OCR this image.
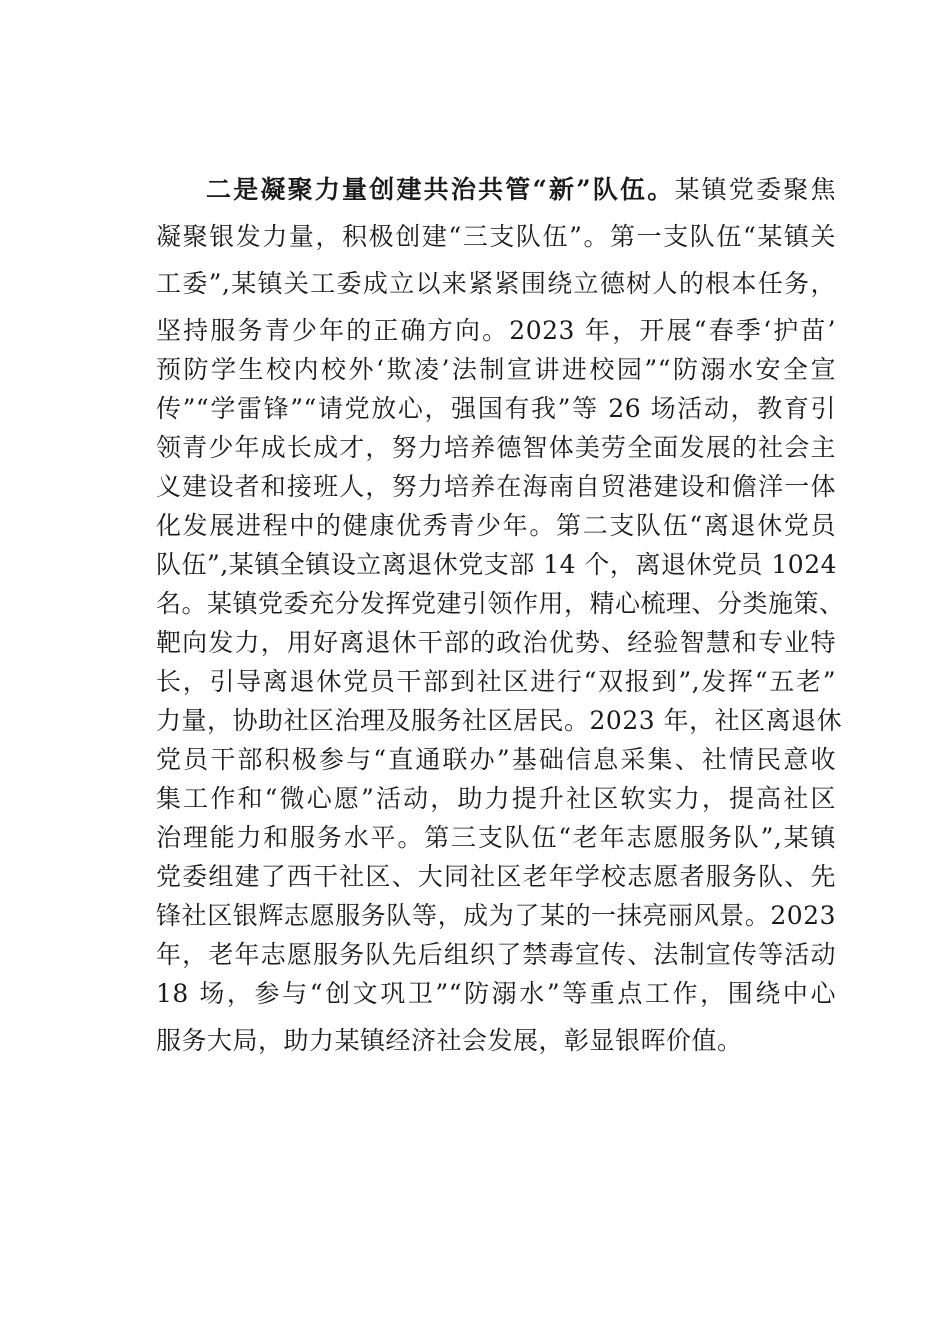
二是凝聚力量创建共治共管“新”队伍。某镇党委聚焦
凝聚银发力量，积极创建“三支队伍”。第一支队伍“某镇关
工委”,某镇关工委成立以来紧紧围绕立德树人的根本任务，
坚持服务青少年的正确方向。2023 年，开展“春季‘护苗’
预防学生校内校外‘欺凌’法制宣讲进校园”“防溺水安全宣
传”“学雷锋”“请党放心，强国有我”等 26 场活动，教育引
领青少年成长成才，努力培养德智体美劳全面发展的社会主
义建设者和接班人，努力培养在海南自贸港建设和儋洋一体
化发展进程中的健康优秀青少年。第二支队伍“离退休党员
队伍”,某镇全镇设立离退休党支部 14 个，离退休党员 1024
名。某镇党委充分发挥党建引领作用，精心梳理、分类施策、
靶向发力，用好离退休干部的政治优势、经验智慧和专业特
长，引导离退休党员干部到社区进行“双报到”,发挥“五老”
力量，协助社区治理及服务社区居民。2023 年，社区离退休
党员干部积极参与“直通联办”基础信息采集、社情民意收
集工作和“微心愿”活动，助力提升社区软实力，提高社区
治理能力和服务水平。第三支队伍“老年志愿服务队”,某镇
党委组建了西干社区、大同社区老年学校志愿者服务队、先
锋社区银辉志愿服务队等，成为了某的一抹亮丽风景。2023
年，老年志愿服务队先后组织了禁毒宣传、法制宣传等活动
18 场，参与“创文巩卫”“防溺水”等重点工作，围绕中心
服务大局，助力某镇经济社会发展，彰显银晖价值。
